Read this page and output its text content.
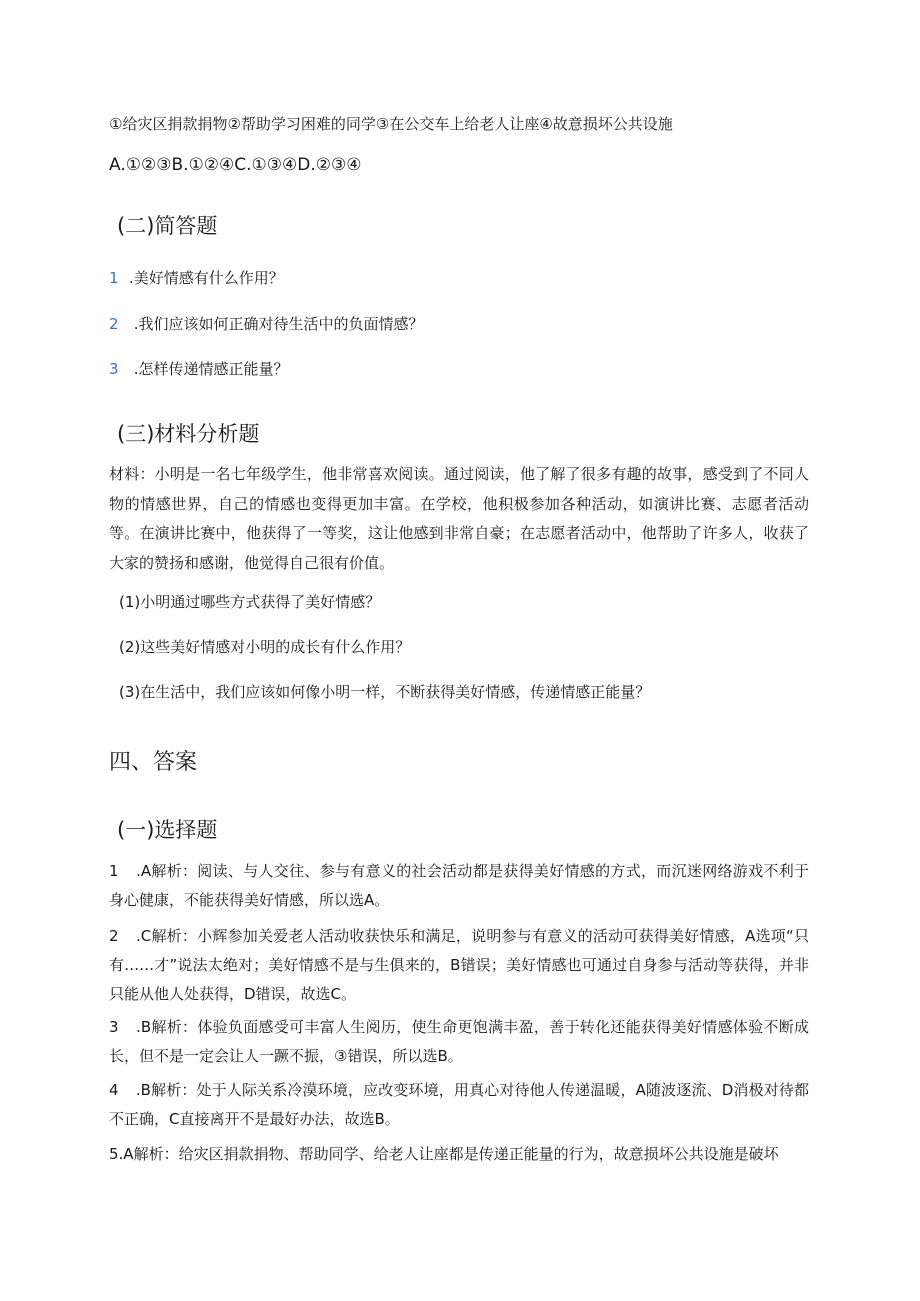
①给灾区捐款捐物②帮助学习困难的同学③在公交车上给老人让座④故意损坏公共设施
A.①②③B.①②④C.①③④D.②③④
(二)简答题
1 .美好情感有什么作用？
2 .我们应该如何正确对待生活中的负面情感？
3 .怎样传递情感正能量？
(三)材料分析题
材料：小明是一名七年级学生，他非常喜欢阅读。通过阅读，他了解了很多有趣的故事，感受到了不同人物的情感世界，自己的情感也变得更加丰富。在学校，他积极参加各种活动，如演讲比赛、志愿者活动等。在演讲比赛中，他获得了一等奖，这让他感到非常自豪；在志愿者活动中，他帮助了许多人，收获了大家的赞扬和感谢，他觉得自己很有价值。
(1)小明通过哪些方式获得了美好情感？
(2)这些美好情感对小明的成长有什么作用？
(3)在生活中，我们应该如何像小明一样，不断获得美好情感，传递情感正能量？
四、答案
(一)选择题
1 .A解析：阅读、与人交往、参与有意义的社会活动都是获得美好情感的方式，而沉迷网络游戏不利于身心健康，不能获得美好情感，所以选A。
2 .C解析：小辉参加关爱老人活动收获快乐和满足，说明参与有意义的活动可获得美好情感，A选项“只有……才”说法太绝对；美好情感不是与生俱来的，B错误；美好情感也可通过自身参与活动等获得，并非只能从他人处获得，D错误，故选C。
3 .B解析：体验负面感受可丰富人生阅历，使生命更饱满丰盈，善于转化还能获得美好情感体验不断成长，但不是一定会让人一蹶不振，③错误，所以选B。
4 .B解析：处于人际关系冷漠环境，应改变环境，用真心对待他人传递温暖，A随波逐流、D消极对待都不正确，C直接离开不是最好办法，故选B。
5.A解析：给灾区捐款捐物、帮助同学、给老人让座都是传递正能量的行为，故意损坏公共设施是破坏
